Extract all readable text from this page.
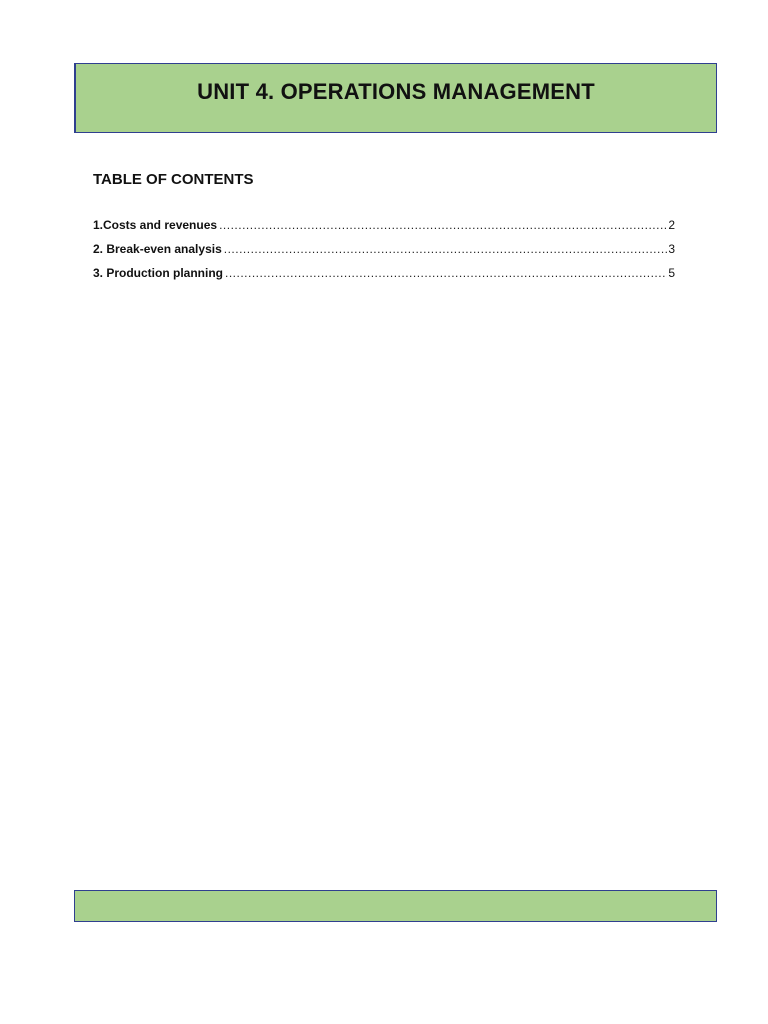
UNIT 4. OPERATIONS MANAGEMENT
TABLE OF CONTENTS
1.Costs and revenues .....	2
2. Break-even analysis .....	3
3. Production planning .....	5
